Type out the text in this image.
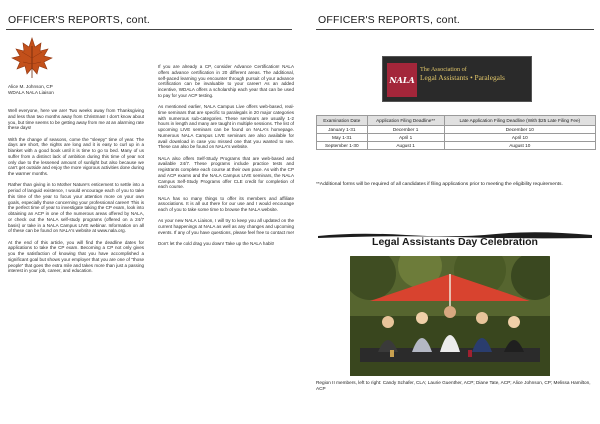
OFFICER'S REPORTS, cont.
Alice M. Johnson, CP
WDALA NALA Liaison

Well everyone, here we are! Two weeks away from Thanksgiving and less than two months away from Christmas! I don't know about you, but time seems to be getting away from me at an alarming rate these days!

With the change of seasons, come the "sleepy" time of year. The days are short, the nights are long and it is easy to curl up in a blanket with a good book until it is time to go to bed. Many of us suffer from a distinct lack of ambition during this time of year not only due to the lessened amount of sunlight but also because we can't get outside and enjoy the more vigorous activities done during the warmer months.

Rather than giving in to Mother Nature's enticement to settle into a period of languid existence, I would encourage each of you to take this time of the year to focus your attention more on your own goals, especially those concerning your professional career! This is the perfect time of year to investigate taking the CP exam, look into obtaining an ACP in one of the numerous areas offered by NALA, or check out the NALA self-study programs (offered on a 24/7 basis) or take in a NALA Campus LIVE webinar. Information on all of these can be found on NALA's website at www.nala.org.

At the end of this article, you will find the deadline dates for applications to take the CP exam. Becoming a CP not only gives you the satisfaction of knowing that you have accomplished a significant goal but shows your employer that you are one of "those people" that goes the extra mile and takes more than just a passing interest in your job, career, and education.

If you are already a CP, consider Advance Certification! NALA offers advance certification in 20 different areas. The additional, self-paced learning you encounter through pursuit of your advance certification can be invaluable to your career! As an added incentive, WDALA offers a scholarship each year that can be used to pay for your ACP testing.

As mentioned earlier, NALA Campus Live offers web-based, real-time seminars that are specific to paralegals in 20 major categories with numerous sub-categories. These seminars are usually 1-2 hours in length and many are taught in multiple sessions. The list of upcoming LIVE seminars can be found on NALA's homepage. Numerous NALA Campus LIVE seminars are also available for avail download in case you missed one that you wanted to see. These can also be found on NALA's website.

NALA also offers Self-Study Programs that are web-based and available 24/7. These programs include practice tests and registrants complete each course at their own pace. As with the CP and ACP exams and the NALA Campus LIVE seminars, the NALA Campus Self-Study Programs offer CLE credit for completion of each course.

NALA has so many things to offer its members and affiliate associations. It is all out there for our use and I would encourage each of you to take some time to browse the NALA website.

As your new NALA Liaison, I will try to keep you all updated on the current happenings at NALA as well as any changes and upcoming events. If any of you have questions, please feel free to contact me!

Don't let the cold drag you down! Take up the NALA habit!

OFFICER'S REPORTS, cont.
NALA
The Association of
Legal Assistants • Paralegals
Examination Date	Application Filing Deadline**	Late Application Filing Deadline (With $25 Late Filing Fee)
January 1-31	December 1	December 10
May 1-31	April 1	April 10
September 1-30	August 1	August 10
**Additional forms will be required of all candidates if filing applications prior to meeting the eligibility requirements.
Legal Assistants Day Celebration
Region II members, left to right: Candy Schafer, CLA; Laurie Guenther, ACP; Diane Tate, ACP; Alice Johnson, CP; Melissa Hamilton, ACP
